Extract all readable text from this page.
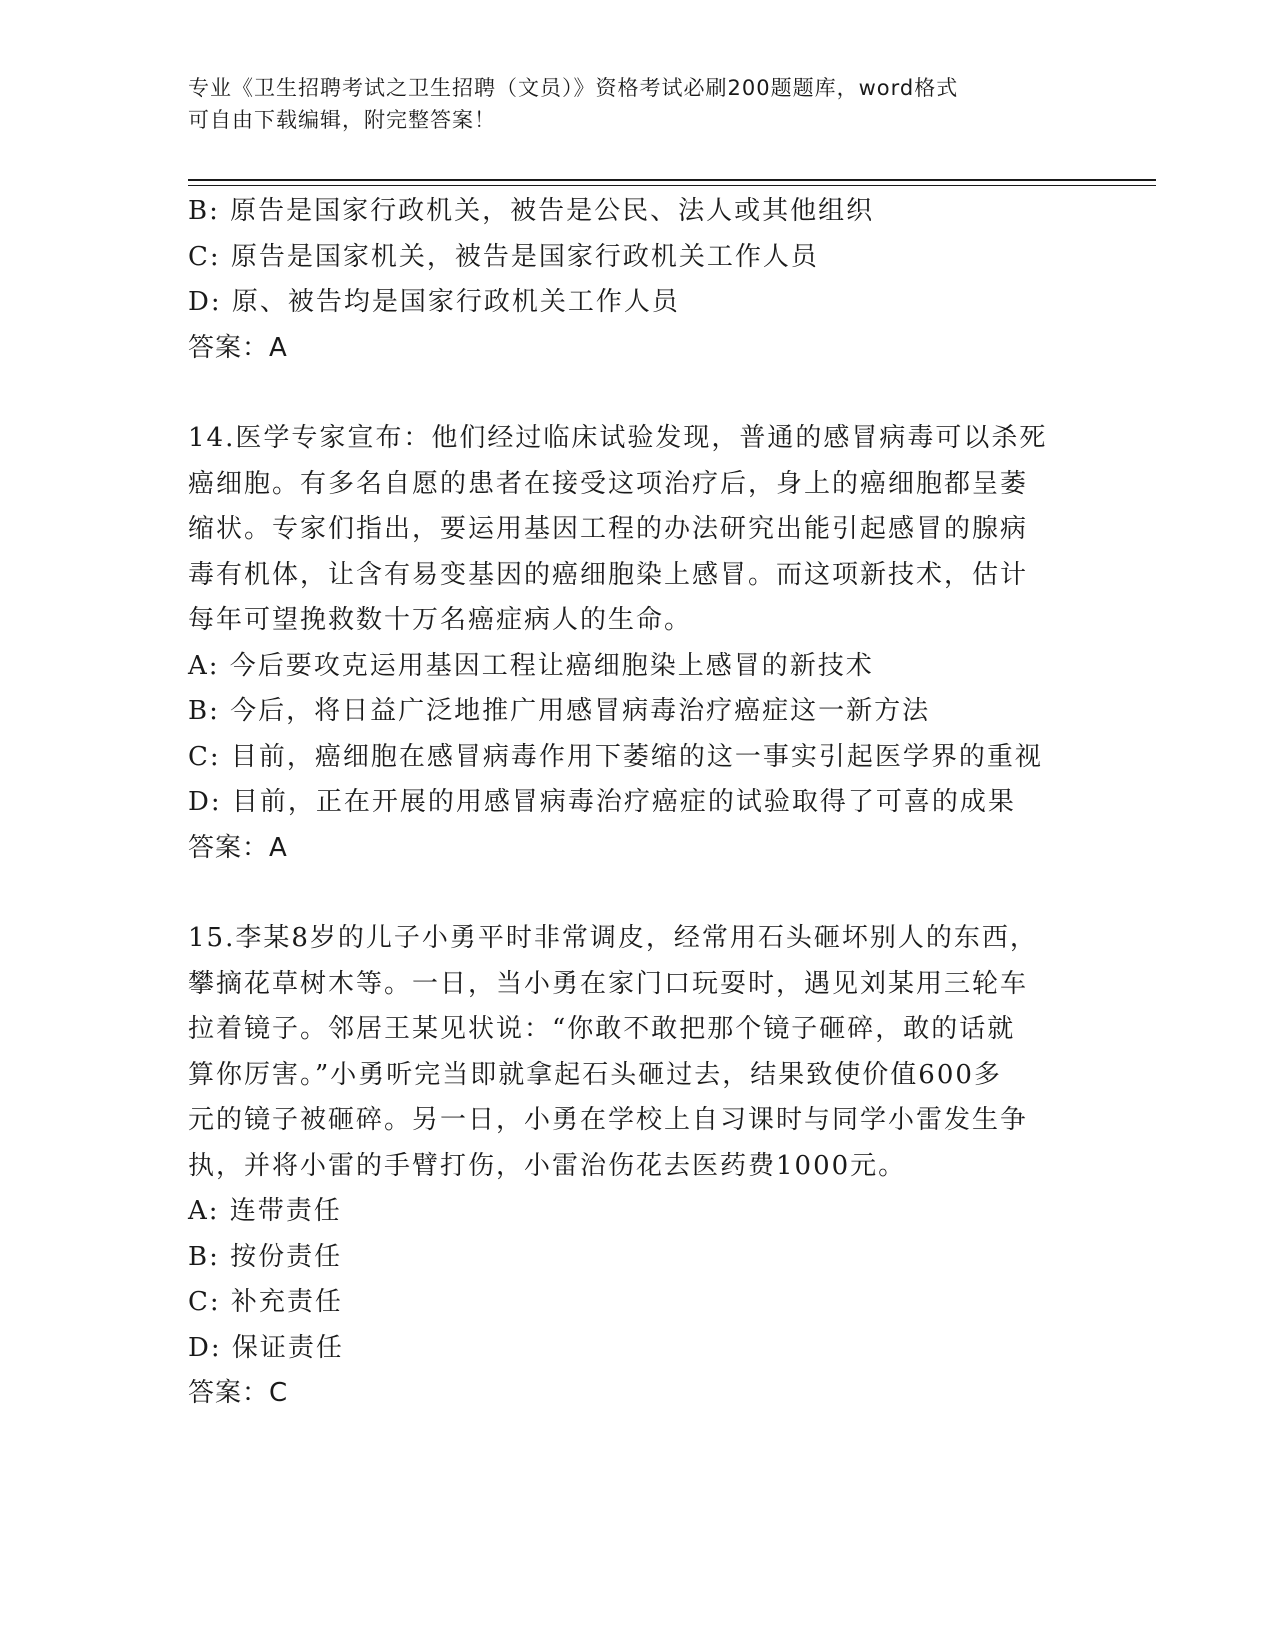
专业《卫生招聘考试之卫生招聘（文员）》资格考试必刷200题题库，word格式
可自由下载编辑，附完整答案！
B: 原告是国家行政机关，被告是公民、法人或其他组织
C: 原告是国家机关，被告是国家行政机关工作人员
D: 原、被告均是国家行政机关工作人员
答案：A
14.医学专家宣布：他们经过临床试验发现，普通的感冒病毒可以杀死
癌细胞。有多名自愿的患者在接受这项治疗后，身上的癌细胞都呈萎
缩状。专家们指出，要运用基因工程的办法研究出能引起感冒的腺病
毒有机体，让含有易变基因的癌细胞染上感冒。而这项新技术，估计
每年可望挽救数十万名癌症病人的生命。
A: 今后要攻克运用基因工程让癌细胞染上感冒的新技术
B: 今后，将日益广泛地推广用感冒病毒治疗癌症这一新方法
C: 目前，癌细胞在感冒病毒作用下萎缩的这一事实引起医学界的重视
D: 目前，正在开展的用感冒病毒治疗癌症的试验取得了可喜的成果
答案：A
15.李某8岁的儿子小勇平时非常调皮，经常用石头砸坏别人的东西，
攀摘花草树木等。一日，当小勇在家门口玩耍时，遇见刘某用三轮车
拉着镜子。邻居王某见状说：“你敢不敢把那个镜子砸碎，敢的话就
算你厉害。”小勇听完当即就拿起石头砸过去，结果致使价值600多
元的镜子被砸碎。另一日，小勇在学校上自习课时与同学小雷发生争
执，并将小雷的手臂打伤，小雷治伤花去医药费1000元。
A: 连带责任
B: 按份责任
C: 补充责任
D: 保证责任
答案：C
